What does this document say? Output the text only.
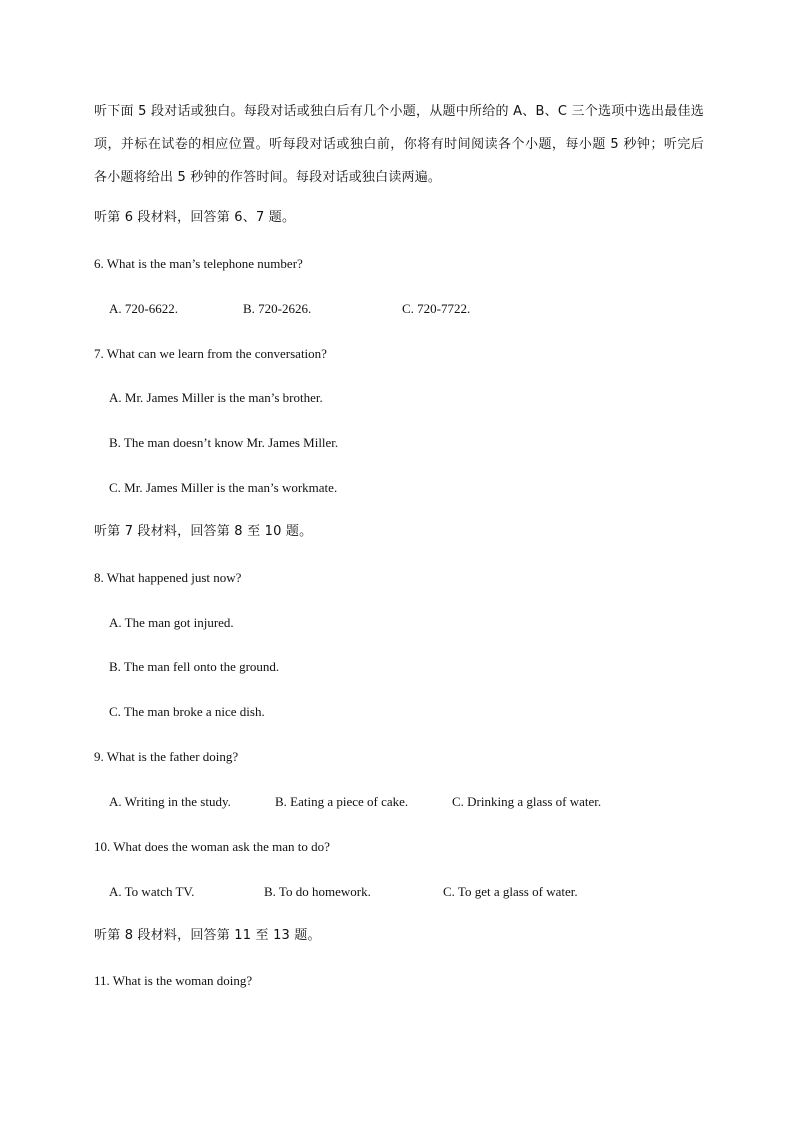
听下面 5 段对话或独白。每段对话或独白后有几个小题，从题中所给的 A、B、C 三个选项中选出最佳选项，并标在试卷的相应位置。听每段对话或独白前，你将有时间阅读各个小题，每小题 5 秒钟；听完后各小题将给出 5 秒钟的作答时间。每段对话或独白读两遍。
听第 6 段材料，回答第 6、7 题。
6. What is the man’s telephone number?
A. 720-6622.	B. 720-2626.	C. 720-7722.
7. What can we learn from the conversation?
A. Mr. James Miller is the man’s brother.
B. The man doesn’t know Mr. James Miller.
C. Mr. James Miller is the man’s workmate.
听第 7 段材料，回答第 8 至 10 题。
8. What happened just now?
A. The man got injured.
B. The man fell onto the ground.
C. The man broke a nice dish.
9. What is the father doing?
A. Writing in the study.	B. Eating a piece of cake.	C. Drinking a glass of water.
10. What does the woman ask the man to do?
A. To watch TV.	B. To do homework.	C. To get a glass of water.
听第 8 段材料，回答第 11 至 13 题。
11. What is the woman doing?
